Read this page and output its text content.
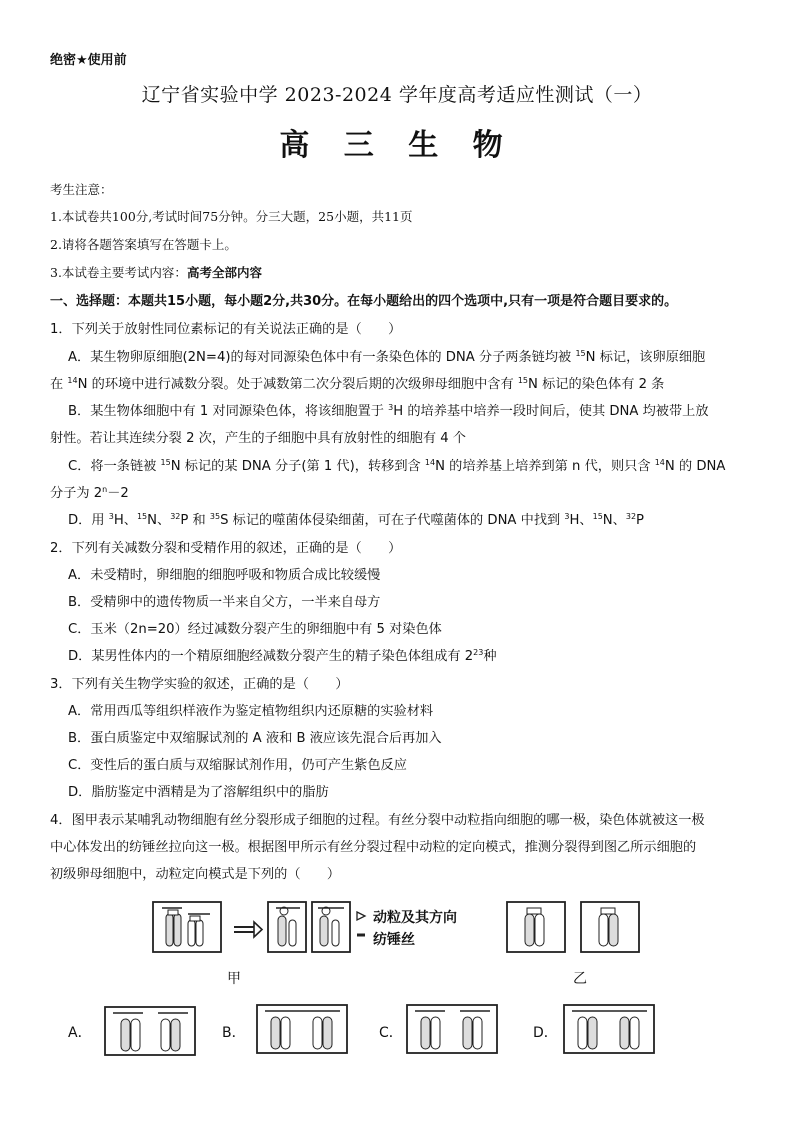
绝密★使用前
辽宁省实验中学 2023-2024 学年度高考适应性测试（一）
高 三 生 物
考生注意：
1.本试卷共100分,考试时间75分钟。分三大题，25小题，共11页
2.请将各题答案填写在答题卡上。
3.本试卷主要考试内容：高考全部内容
一、选择题：本题共15小题，每小题2分,共30分。在每小题给出的四个选项中,只有一项是符合题目要求的。
1．下列关于放射性同位素标记的有关说法正确的是（　　）
A．某生物卵原细胞(2N=4)的每对同源染色体中有一条染色体的 DNA 分子两条链均被 $^{15}$N 标记，该卵原细胞
在 $^{14}$N 的环境中进行减数分裂。处于减数第二次分裂后期的次级卵母细胞中含有 $^{15}$N 标记的染色体有 2 条
B．某生物体细胞中有 1 对同源染色体，将该细胞置于 $^3$H 的培养基中培养一段时间后，使其 DNA 均被带上放
射性。若让其连续分裂 2 次，产生的子细胞中具有放射性的细胞有 4 个
C．将一条链被 $^{15}$N 标记的某 DNA 分子(第 1 代)，转移到含 $^{14}$N 的培养基上培养到第 n 代，则只含 $^{14}$N 的 DNA
分子为 $2^n-2$
D．用 $^3$H、$^{15}$N、$^{32}$P 和 $^{35}$S 标记的噬菌体侵染细菌，可在子代噬菌体的 DNA 中找到 $^3$H、$^{15}$N、$^{32}$P
2．下列有关减数分裂和受精作用的叙述，正确的是（　　）
A．未受精时，卵细胞的细胞呼吸和物质合成比较缓慢
B．受精卵中的遗传物质一半来自父方，一半来自母方
C．玉米（2n=20）经过减数分裂产生的卵细胞中有 5 对染色体
D．某男性体内的一个精原细胞经减数分裂产生的精子染色体组成有 $2^{23}$种
3．下列有关生物学实验的叙述，正确的是（　　）
A．常用西瓜等组织样液作为鉴定植物组织内还原糖的实验材料
B．蛋白质鉴定中双缩脲试剂的 A 液和 B 液应该先混合后再加入
C．变性后的蛋白质与双缩脲试剂作用，仍可产生紫色反应
D．脂肪鉴定中酒精是为了溶解组织中的脂肪
4．图甲表示某哺乳动物细胞有丝分裂形成子细胞的过程。有丝分裂中动粒指向细胞的哪一极，染色体就被这一极
中心体发出的纺锤丝拉向这一极。根据图甲所示有丝分裂过程中动粒的定向模式，推测分裂得到图乙所示细胞的
初级卵母细胞中，动粒定向模式是下列的（　　）
动粒及其方向
纺锤丝
甲	乙
A．	B．	C．	D．
